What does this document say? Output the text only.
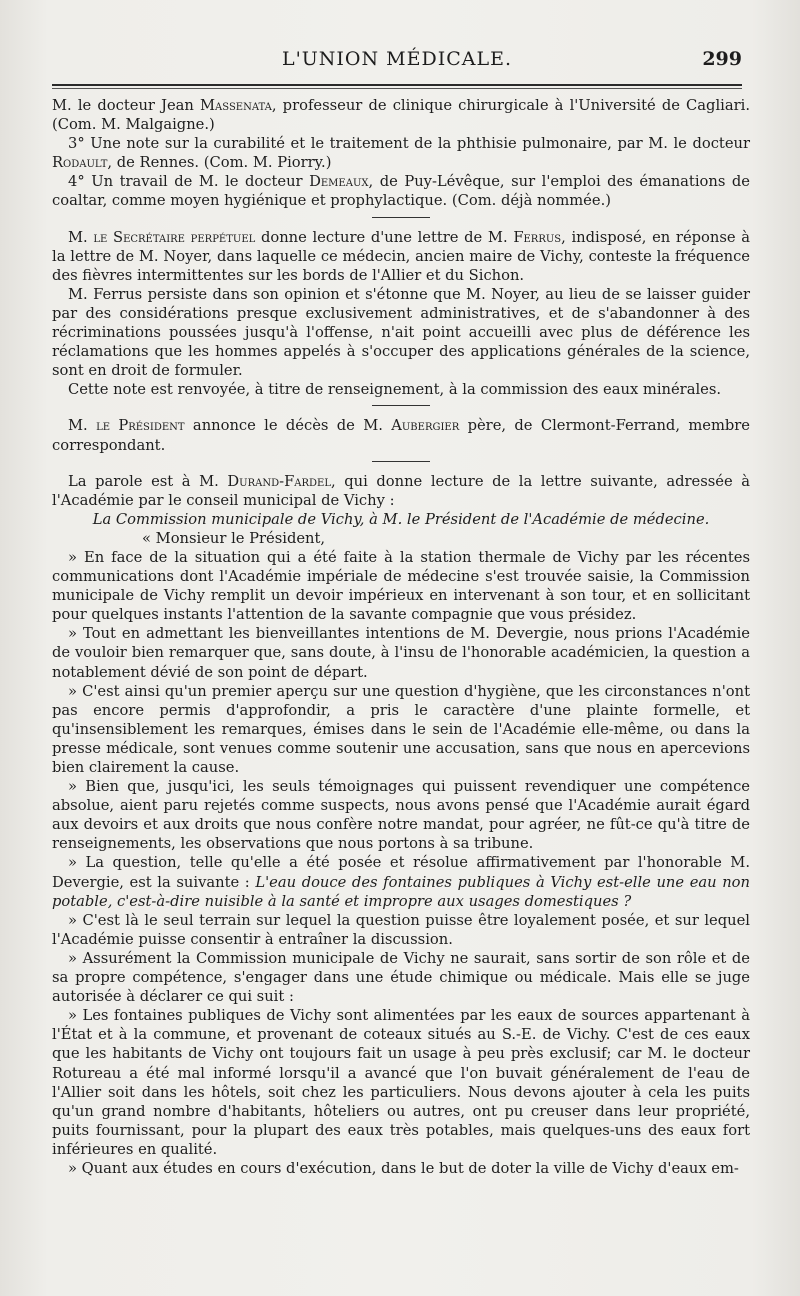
L'UNION MÉDICALE.	299

M. le docteur Jean Massenata, professeur de clinique chirurgicale à l'Université de Cagliari. (Com. M. Malgaigne.)

3° Une note sur la curabilité et le traitement de la phthisie pulmonaire, par M. le docteur Rodault, de Rennes. (Com. M. Piorry.)

4° Un travail de M. le docteur Demeaux, de Puy-Lévêque, sur l'emploi des émanations de coaltar, comme moyen hygiénique et prophylactique. (Com. déjà nommée.)

M. le Secrétaire perpétuel donne lecture d'une lettre de M. Ferrus, indisposé, en réponse à la lettre de M. Noyer, dans laquelle ce médecin, ancien maire de Vichy, conteste la fréquence des fièvres intermittentes sur les bords de l'Allier et du Sichon.

M. Ferrus persiste dans son opinion et s'étonne que M. Noyer, au lieu de se laisser guider par des considérations presque exclusivement administratives, et de s'abandonner à des récriminations poussées jusqu'à l'offense, n'ait point accueilli avec plus de déférence les réclamations que les hommes appelés à s'occuper des applications générales de la science, sont en droit de formuler.

Cette note est renvoyée, à titre de renseignement, à la commission des eaux minérales.

M. le Président annonce le décès de M. Aubergier père, de Clermont-Ferrand, membre correspondant.

La parole est à M. Durand-Fardel, qui donne lecture de la lettre suivante, adressée à l'Académie par le conseil municipal de Vichy :

La Commission municipale de Vichy, à M. le Président de l'Académie de médecine.

« Monsieur le Président,

» En face de la situation qui a été faite à la station thermale de Vichy par les récentes communications dont l'Académie impériale de médecine s'est trouvée saisie, la Commission municipale de Vichy remplit un devoir impérieux en intervenant à son tour, et en sollicitant pour quelques instants l'attention de la savante compagnie que vous présidez.

» Tout en admettant les bienveillantes intentions de M. Devergie, nous prions l'Académie de vouloir bien remarquer que, sans doute, à l'insu de l'honorable académicien, la question a notablement dévié de son point de départ.

» C'est ainsi qu'un premier aperçu sur une question d'hygiène, que les circonstances n'ont pas encore permis d'approfondir, a pris le caractère d'une plainte formelle, et qu'insensiblement les remarques, émises dans le sein de l'Académie elle-même, ou dans la presse médicale, sont venues comme soutenir une accusation, sans que nous en apercevions bien clairement la cause.

» Bien que, jusqu'ici, les seuls témoignages qui puissent revendiquer une compétence absolue, aient paru rejetés comme suspects, nous avons pensé que l'Académie aurait égard aux devoirs et aux droits que nous confère notre mandat, pour agréer, ne fût-ce qu'à titre de renseignements, les observations que nous portons à sa tribune.

» La question, telle qu'elle a été posée et résolue affirmativement par l'honorable M. Devergie, est la suivante : L'eau douce des fontaines publiques à Vichy est-elle une eau non potable, c'est-à-dire nuisible à la santé et impropre aux usages domestiques ?

» C'est là le seul terrain sur lequel la question puisse être loyalement posée, et sur lequel l'Académie puisse consentir à entraîner la discussion.

» Assurément la Commission municipale de Vichy ne saurait, sans sortir de son rôle et de sa propre compétence, s'engager dans une étude chimique ou médicale. Mais elle se juge autorisée à déclarer ce qui suit :

» Les fontaines publiques de Vichy sont alimentées par les eaux de sources appartenant à l'État et à la commune, et provenant de coteaux situés au S.-E. de Vichy. C'est de ces eaux que les habitants de Vichy ont toujours fait un usage à peu près exclusif; car M. le docteur Rotureau a été mal informé lorsqu'il a avancé que l'on buvait généralement de l'eau de l'Allier soit dans les hôtels, soit chez les particuliers. Nous devons ajouter à cela les puits qu'un grand nombre d'habitants, hôteliers ou autres, ont pu creuser dans leur propriété, puits fournissant, pour la plupart des eaux très potables, mais quelques-uns des eaux fort inférieures en qualité.

» Quant aux études en cours d'exécution, dans le but de doter la ville de Vichy d'eaux em-
